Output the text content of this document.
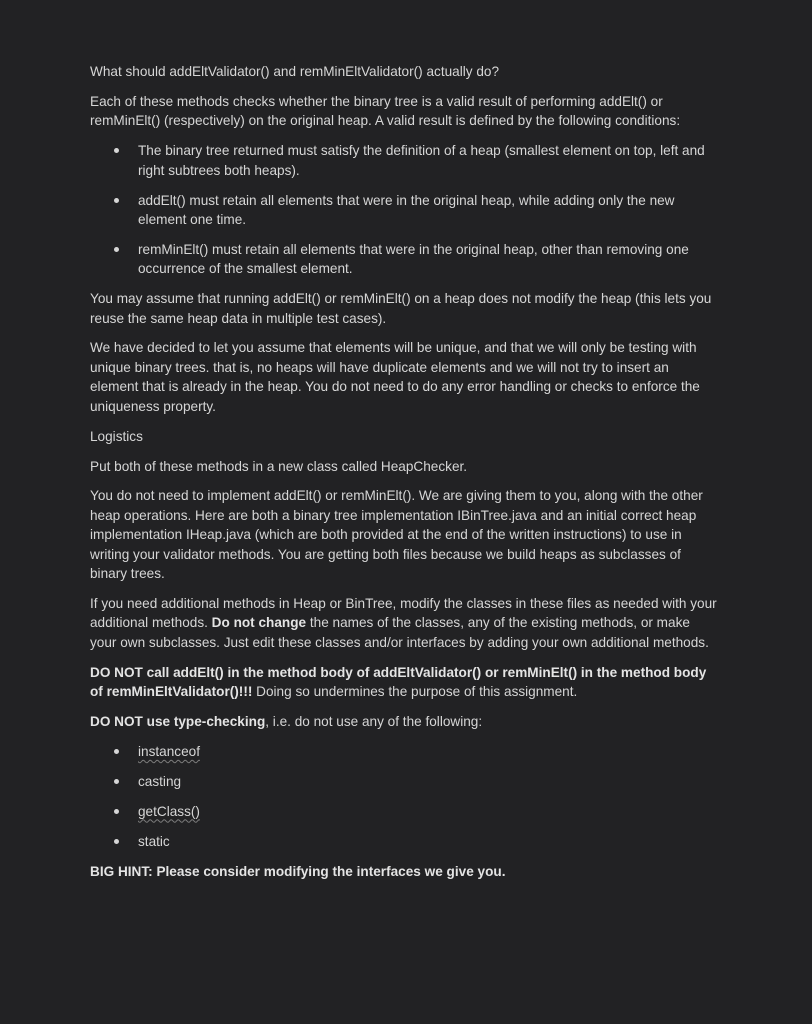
What should addEltValidator() and remMinEltValidator() actually do?

Each of these methods checks whether the binary tree is a valid result of performing addElt() or remMinElt() (respectively) on the original heap. A valid result is defined by the following conditions:

The binary tree returned must satisfy the definition of a heap (smallest element on top, left and right subtrees both heaps).
addElt() must retain all elements that were in the original heap, while adding only the new element one time.
remMinElt() must retain all elements that were in the original heap, other than removing one occurrence of the smallest element.

You may assume that running addElt() or remMinElt() on a heap does not modify the heap (this lets you reuse the same heap data in multiple test cases).

We have decided to let you assume that elements will be unique, and that we will only be testing with unique binary trees. that is, no heaps will have duplicate elements and we will not try to insert an element that is already in the heap. You do not need to do any error handling or checks to enforce the uniqueness property.

Logistics

Put both of these methods in a new class called HeapChecker.

You do not need to implement addElt() or remMinElt(). We are giving them to you, along with the other heap operations. Here are both a binary tree implementation IBinTree.java and an initial correct heap implementation IHeap.java (which are both provided at the end of the written instructions) to use in writing your validator methods. You are getting both files because we build heaps as subclasses of binary trees.

If you need additional methods in Heap or BinTree, modify the classes in these files as needed with your additional methods. Do not change the names of the classes, any of the existing methods, or make your own subclasses. Just edit these classes and/or interfaces by adding your own additional methods.

DO NOT call addElt() in the method body of addEltValidator() or remMinElt() in the method body of remMinEltValidator()!!! Doing so undermines the purpose of this assignment.

DO NOT use type-checking, i.e. do not use any of the following:

instanceof
casting
getClass()
static

BIG HINT: Please consider modifying the interfaces we give you.
